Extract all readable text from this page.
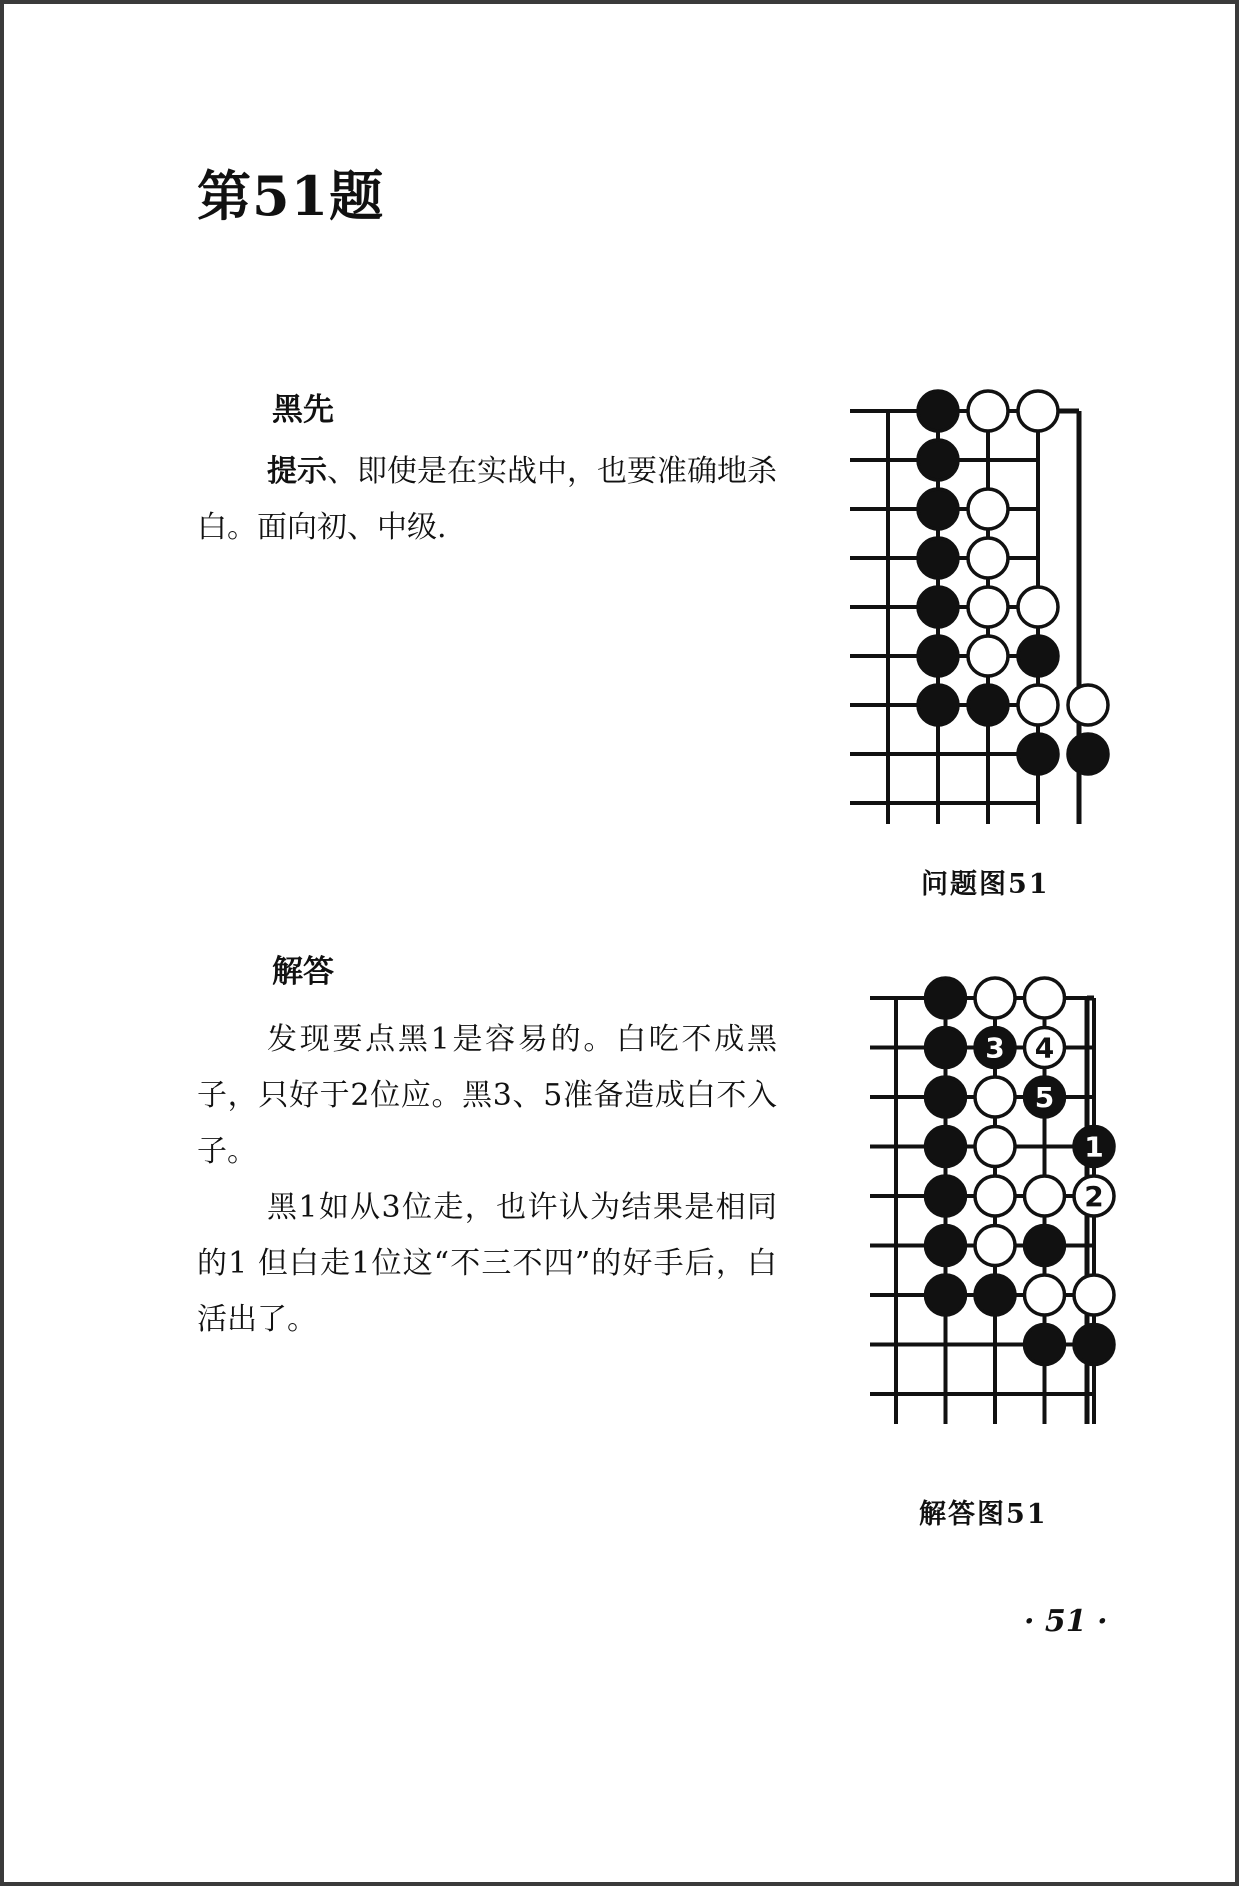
第51题
黑先

提示、即使是在实战中，也要准确地杀白。面向初、中级.

3 4
5
1
2
问题图51
解答

发现要点黑1是容易的。白吃不成黑子，只好于2位应。黑3、5准备造成白不入子。

黑1如从3位走，也许认为结果是相同的1 但白走1位这“不三不四”的好手后，白活出了。

解答图51
· 51 ·
